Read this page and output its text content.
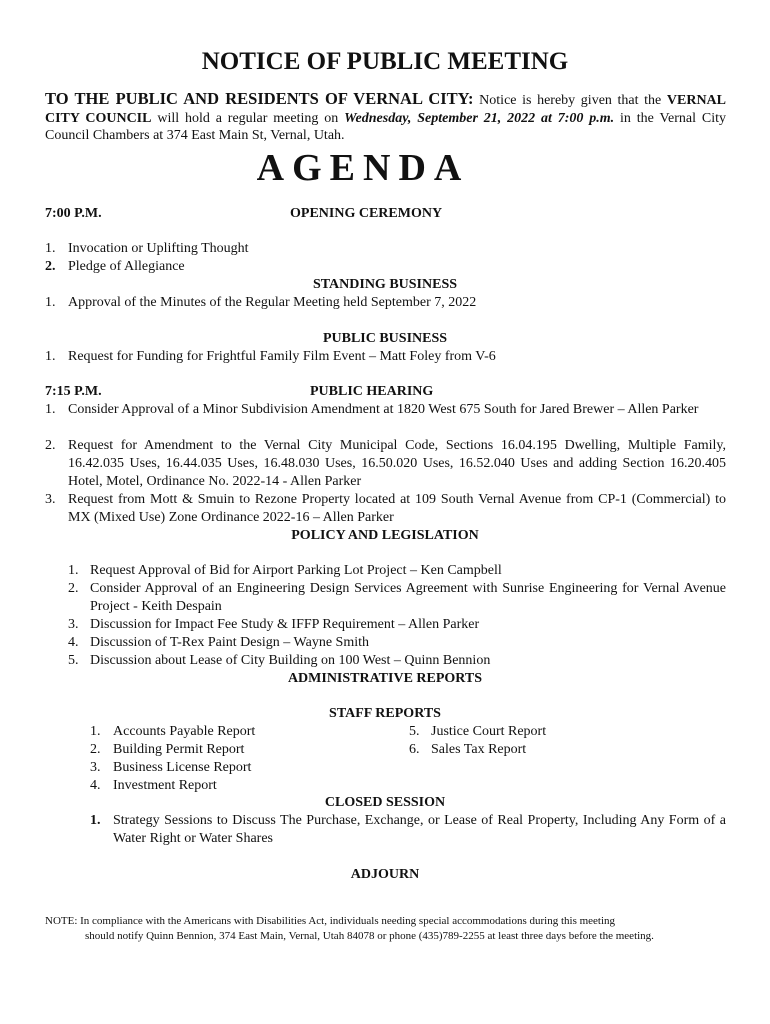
NOTICE OF PUBLIC MEETING
TO THE PUBLIC AND RESIDENTS OF VERNAL CITY: Notice is hereby given that the VERNAL CITY COUNCIL will hold a regular meeting on Wednesday, September 21, 2022 at 7:00 p.m. in the Vernal City Council Chambers at 374 East Main St, Vernal, Utah.
AGENDA
7:00 P.M.	OPENING CEREMONY
1. Invocation or Uplifting Thought
2. Pledge of Allegiance
STANDING BUSINESS
1. Approval of the Minutes of the Regular Meeting held September 7, 2022
PUBLIC BUSINESS
1. Request for Funding for Frightful Family Film Event – Matt Foley from V-6
7:15 P.M.	PUBLIC HEARING
1. Consider Approval of a Minor Subdivision Amendment at 1820 West 675 South for Jared Brewer – Allen Parker
2. Request for Amendment to the Vernal City Municipal Code, Sections 16.04.195 Dwelling, Multiple Family, 16.42.035 Uses, 16.44.035 Uses, 16.48.030 Uses, 16.50.020 Uses, 16.52.040 Uses and adding Section 16.20.405 Hotel, Motel, Ordinance No. 2022-14 - Allen Parker
3. Request from Mott & Smuin to Rezone Property located at 109 South Vernal Avenue from CP-1 (Commercial) to MX (Mixed Use) Zone Ordinance 2022-16 – Allen Parker
POLICY AND LEGISLATION
1. Request Approval of Bid for Airport Parking Lot Project – Ken Campbell
2. Consider Approval of an Engineering Design Services Agreement with Sunrise Engineering for Vernal Avenue Project - Keith Despain
3. Discussion for Impact Fee Study & IFFP Requirement – Allen Parker
4. Discussion of T-Rex Paint Design – Wayne Smith
5. Discussion about Lease of City Building on 100 West – Quinn Bennion
ADMINISTRATIVE REPORTS
STAFF REPORTS
1. Accounts Payable Report
2. Building Permit Report
3. Business License Report
4. Investment Report
5. Justice Court Report
6. Sales Tax Report
CLOSED SESSION
1. Strategy Sessions to Discuss The Purchase, Exchange, or Lease of Real Property, Including Any Form of a Water Right or Water Shares
ADJOURN
NOTE: In compliance with the Americans with Disabilities Act, individuals needing special accommodations during this meeting
should notify Quinn Bennion, 374 East Main, Vernal, Utah 84078 or phone (435)789-2255 at least three days before the meeting.
